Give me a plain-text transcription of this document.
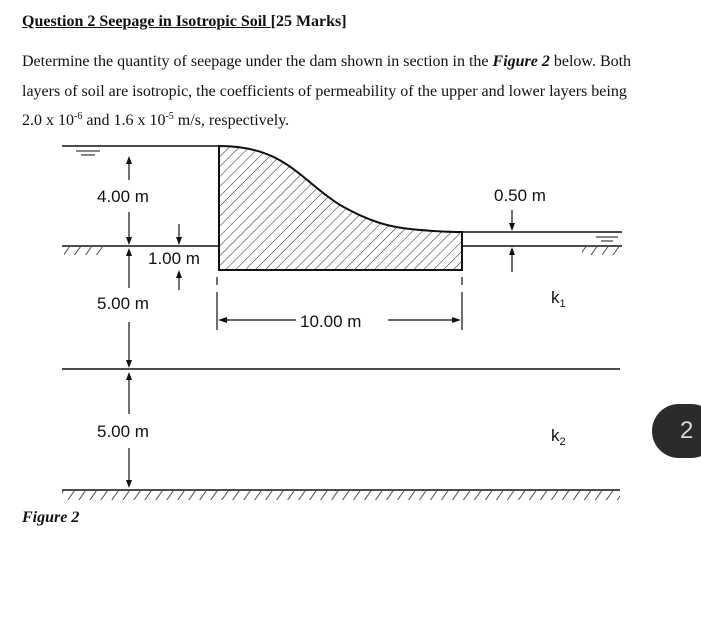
Question 2 Seepage in Isotropic Soil [25 Marks]
Determine the quantity of seepage under the dam shown in section in the Figure 2 below. Both
layers of soil are isotropic, the coefficients of permeability of the upper and lower layers being
2.0 x $10^{-6}$ and 1.6 x $10^{-5}$ m/s, respectively.
4.00 m
1.00 m
5.00 m
5.00 m
0.50 m
10.00 m
$k_1$
$k_2$
Figure 2
2
